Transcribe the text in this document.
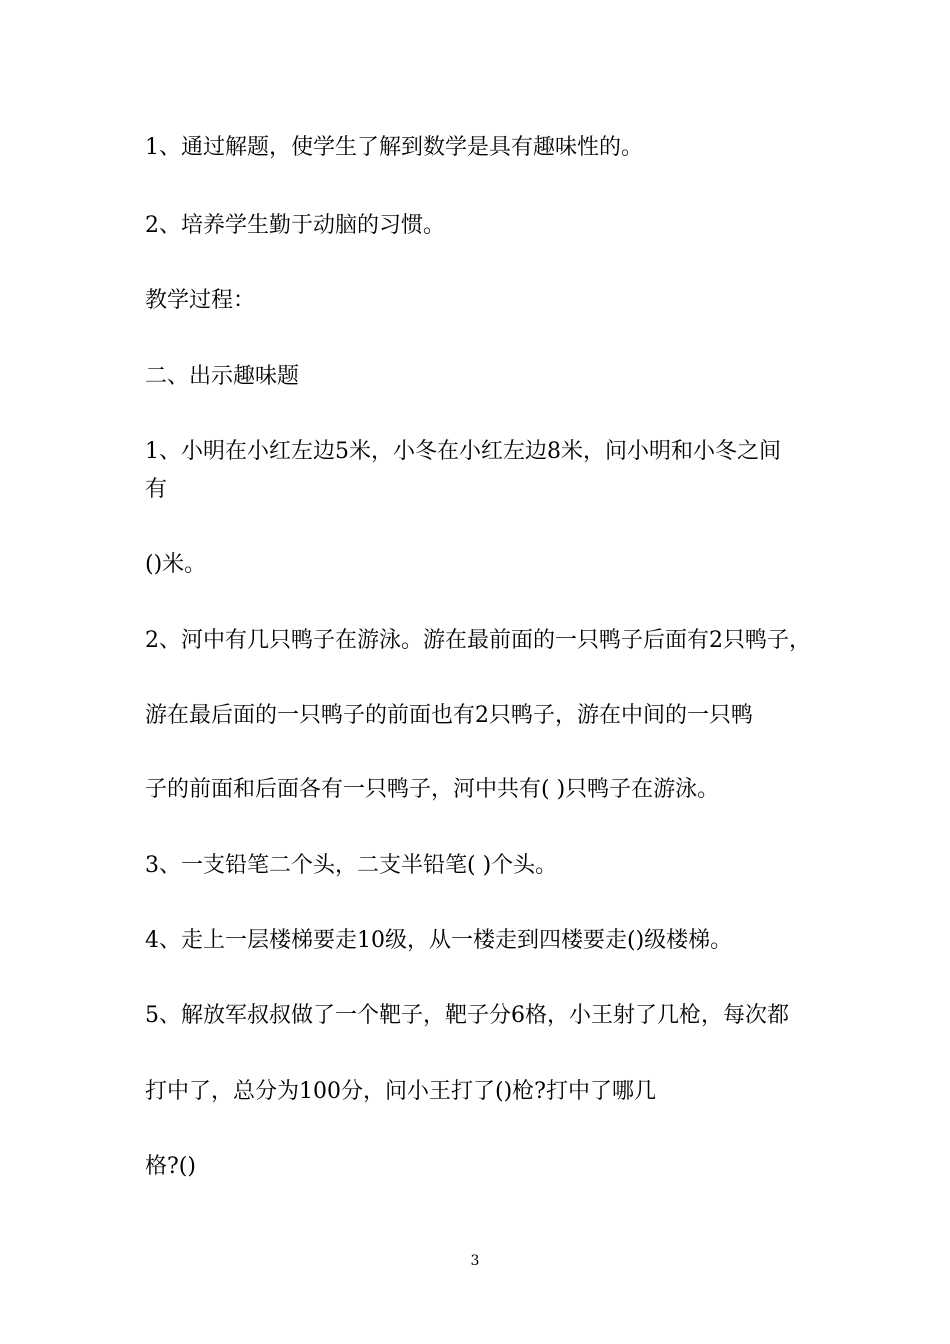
1、通过解题，使学生了解到数学是具有趣味性的。

2、培养学生勤于动脑的习惯。

教学过程：

二、出示趣味题

1、小明在小红左边5米，小冬在小红左边8米，问小明和小冬之间

有

()米。

2、河中有几只鸭子在游泳。游在最前面的一只鸭子后面有2只鸭子，

游在最后面的一只鸭子的前面也有2只鸭子，游在中间的一只鸭

子的前面和后面各有一只鸭子，河中共有( )只鸭子在游泳。

3、一支铅笔二个头，二支半铅笔( )个头。

4、走上一层楼梯要走10级，从一楼走到四楼要走()级楼梯。

5、解放军叔叔做了一个靶子，靶子分6格，小王射了几枪，每次都

打中了，总分为100分，问小王打了()枪?打中了哪几

格?()

3
